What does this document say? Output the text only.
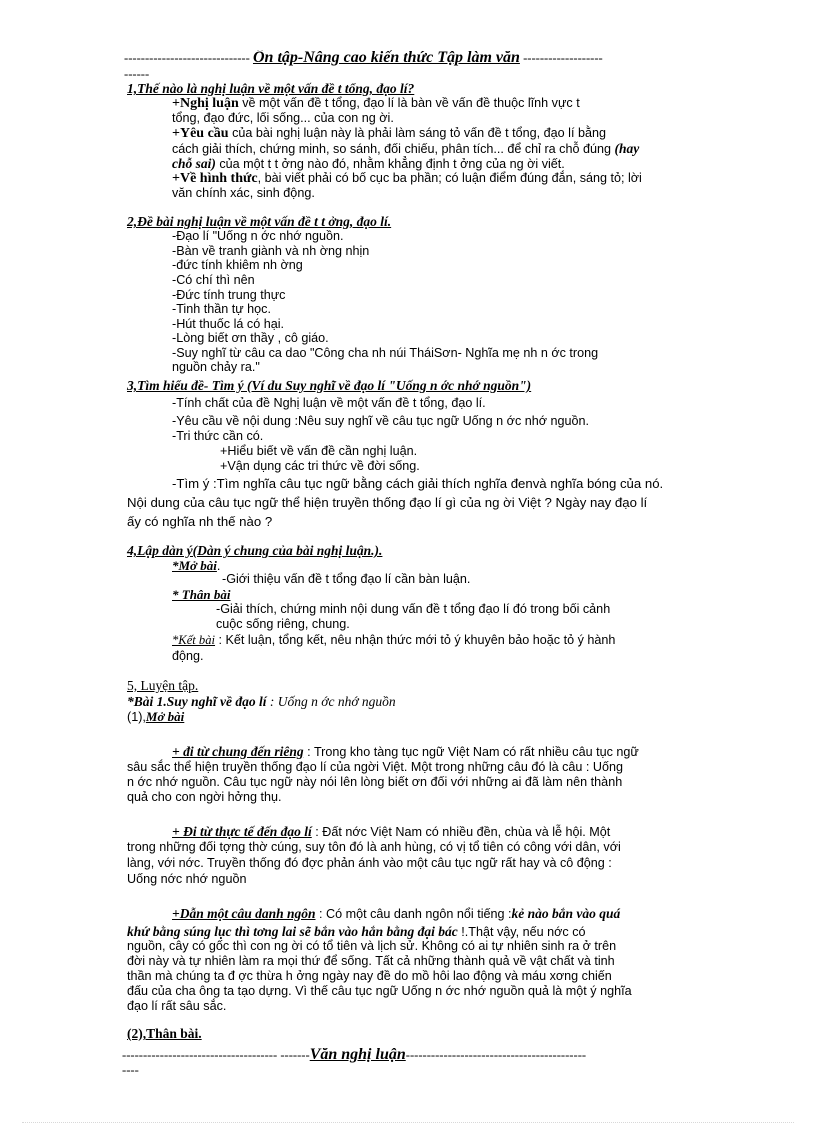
------------------------------ Ôn tập-Nâng cao kiến thức Tập làm văn -------------------
------
1,Thế nào là nghị luận về một vấn đề t tổng, đạo lí?
+Nghị luận về một vấn đề t tổng, đạo lí là bàn về vấn đề thuộc lĩnh vực t
tổng, đạo đức, lối sống... của con ng ời.
+Yêu cầu của bài nghị luận này là phải làm sáng tỏ vấn đề t tổng, đạo lí bằng
cách giải thích, chứng minh, so sánh, đối chiếu, phân tích... để chỉ ra chỗ đúng (hay
chỗ sai) của một t t ởng nào đó, nhằm khẳng định t ởng của ng ời viết.
+Về hình thức, bài viết phải có bố cục ba phần; có luận điểm đúng đắn, sáng tỏ; lời
văn chính xác, sinh động.
2,Đề bài nghị luận về một vấn đề t t ởng, đạo lí.
-Đạo lí "Uống n ớc nhớ nguồn.
-Bàn về tranh giành và nh ờng nhịn
-đức tính khiêm nh ờng
-Có chí thì nên
-Đức tính trung thực
-Tinh thần tự học.
-Hút thuốc lá có hại.
-Lòng biết ơn thầy , cô giáo.
-Suy nghĩ từ câu ca dao "Công cha nh núi TháiSơn- Nghĩa mẹ nh n ớc trong
nguồn chảy ra."
3,Tìm hiểu đề- Tìm ý (Ví du Suy nghĩ về đạo lí "Uống n ớc nhớ nguồn")
-Tính chất của đề Nghị luận về một vấn đề t tổng, đạo lí.
-Yêu cầu về nội dung :Nêu suy nghĩ về câu tục ngữ Uống n ớc nhớ nguồn.
-Tri thức cần có.
+Hiểu biết về vấn đề cần nghị luận.
+Vận dụng các tri thức về đời sống.
-Tìm ý :Tìm nghĩa câu tục ngữ bằng cách giải thích nghĩa đenvà nghĩa bóng của nó.
Nội dung của câu tục ngữ thể hiện truyền thống đạo lí gì của ng ời Việt ? Ngày nay đạo lí
ấy có nghĩa nh thế nào ?
4,Lập dàn ý(Dàn ý chung của bài nghị luận.).
*Mở bài.
-Giới thiệu vấn đề t tổng đạo lí cần bàn luận.
* Thân bài
-Giải thích, chứng minh nội dung vấn đề t tổng đạo lí đó trong bối cảnh
cuộc sống riêng, chung.
*Kết bài : Kết luận, tổng kết, nêu nhận thức mới tỏ ý khuyên bảo hoặc tỏ ý hành
động.
5, Luyện tập.
*Bài 1.Suy nghĩ về đạo lí : Uống n ớc nhớ nguồn
(1),Mở bài
+ đi từ chung đến riêng : Trong kho tàng tục ngữ Việt Nam có rất nhiều câu tục ngữ
sâu sắc thể hiện truyền thống đạo lí của ngời Việt. Một trong những câu đó là câu : Uống
n ớc nhớ nguồn. Câu tục ngữ này nói lên lòng biết ơn đối với những ai đã làm nên thành
quả cho con ngời hởng thụ.
+ Đi từ thực tế đến đạo lí : Đất nớc Việt Nam có nhiều đền, chùa và lễ hội. Một
trong những đối tợng thờ cúng, suy tôn đó là anh hùng, có vị tổ tiên có công với dân, với
làng, với nớc. Truyền thống đó đợc phản ánh vào một câu tục ngữ rất hay và cô động :
Uống nớc nhớ nguồn
+Dẫn một câu danh ngôn : Có một câu danh ngôn nổi tiếng :kẻ nào bắn vào quá
khứ bằng súng lục thì tơng lai sẽ bắn vào hắn bằng đại bác !.Thật vậy, nếu nớc có
nguồn, cây có gốc thì con ng ời có tổ tiên và lịch sử. Không có ai tự nhiên sinh ra ở trên
đời này và tự nhiên làm ra mọi thứ để sống. Tất cả những thành quả về vật chất và tinh
thần mà chúng ta đ ợc thừa h ởng ngày nay đề do mồ hôi lao động và máu xơng chiến
đấu của cha ông ta tạo dựng. Vì thế câu tục ngữ Uống n ớc nhớ nguồn quả là một ý nghĩa
đạo lí rất sâu sắc.
(2),Thân bài.
------------------------------------- -------Văn nghị luận-------------------------------------------
----
